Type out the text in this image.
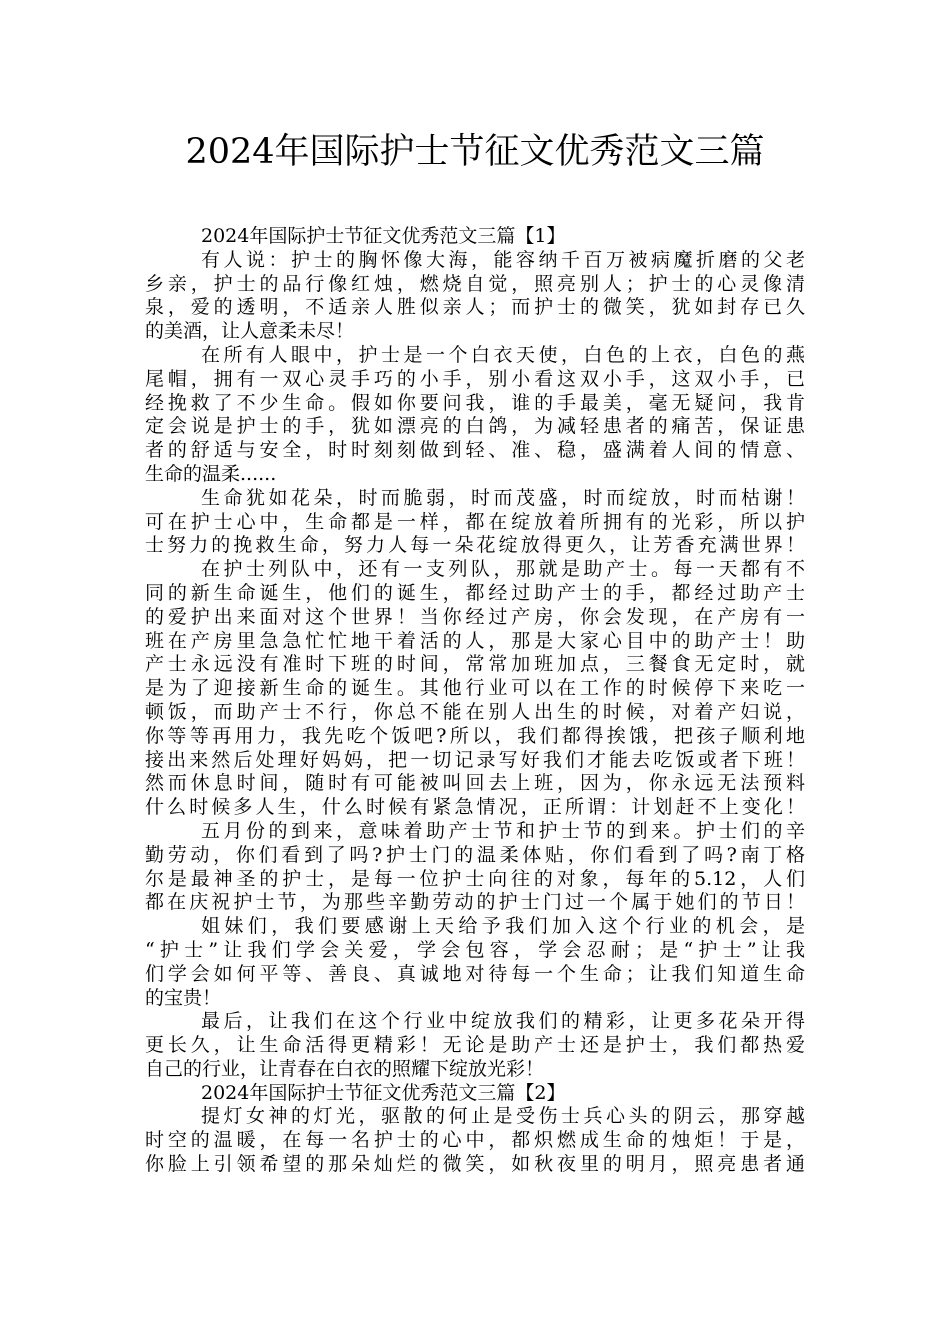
2024年国际护士节征文优秀范文三篇
2024年国际护士节征文优秀范文三篇【1】
有人说：护士的胸怀像大海，能容纳千百万被病魔折磨的父老
乡亲，护士的品行像红烛，燃烧自觉，照亮别人；护士的心灵像清
泉，爱的透明，不适亲人胜似亲人；而护士的微笑，犹如封存已久
的美酒，让人意柔未尽！
在所有人眼中，护士是一个白衣天使，白色的上衣，白色的燕
尾帽，拥有一双心灵手巧的小手，别小看这双小手，这双小手，已
经挽救了不少生命。假如你要问我，谁的手最美，毫无疑问，我肯
定会说是护士的手，犹如漂亮的白鸽，为减轻患者的痛苦，保证患
者的舒适与安全，时时刻刻做到轻、准、稳，盛满着人间的情意、
生命的温柔......
生命犹如花朵，时而脆弱，时而茂盛，时而绽放，时而枯谢！
可在护士心中，生命都是一样，都在绽放着所拥有的光彩，所以护
士努力的挽救生命，努力人每一朵花绽放得更久，让芳香充满世界！
在护士列队中，还有一支列队，那就是助产士。每一天都有不
同的新生命诞生，他们的诞生，都经过助产士的手，都经过助产士
的爱护出来面对这个世界！当你经过产房，你会发现，在产房有一
班在产房里急急忙忙地干着活的人，那是大家心目中的助产士！助
产士永远没有准时下班的时间，常常加班加点，三餐食无定时，就
是为了迎接新生命的诞生。其他行业可以在工作的时候停下来吃一
顿饭，而助产士不行，你总不能在别人出生的时候，对着产妇说，
你等等再用力，我先吃个饭吧?所以，我们都得挨饿，把孩子顺利地
接出来然后处理好妈妈，把一切记录写好我们才能去吃饭或者下班！
然而休息时间，随时有可能被叫回去上班，因为，你永远无法预料
什么时候多人生，什么时候有紧急情况，正所谓：计划赶不上变化！
五月份的到来，意味着助产士节和护士节的到来。护士们的辛
勤劳动，你们看到了吗?护士门的温柔体贴，你们看到了吗?南丁格
尔是最神圣的护士，是每一位护士向往的对象，每年的5.12，人们
都在庆祝护士节，为那些辛勤劳动的护士门过一个属于她们的节日！
姐妹们，我们要感谢上天给予我们加入这个行业的机会，是
“护士”让我们学会关爱，学会包容，学会忍耐；是“护士”让我
们学会如何平等、善良、真诚地对待每一个生命；让我们知道生命
的宝贵！
最后，让我们在这个行业中绽放我们的精彩，让更多花朵开得
更长久，让生命活得更精彩！无论是助产士还是护士，我们都热爱
自己的行业，让青春在白衣的照耀下绽放光彩！
2024年国际护士节征文优秀范文三篇【2】
提灯女神的灯光，驱散的何止是受伤士兵心头的阴云，那穿越
时空的温暖，在每一名护士的心中，都炽燃成生命的烛炬！于是，
你脸上引领希望的那朵灿烂的微笑，如秋夜里的明月，照亮患者通
